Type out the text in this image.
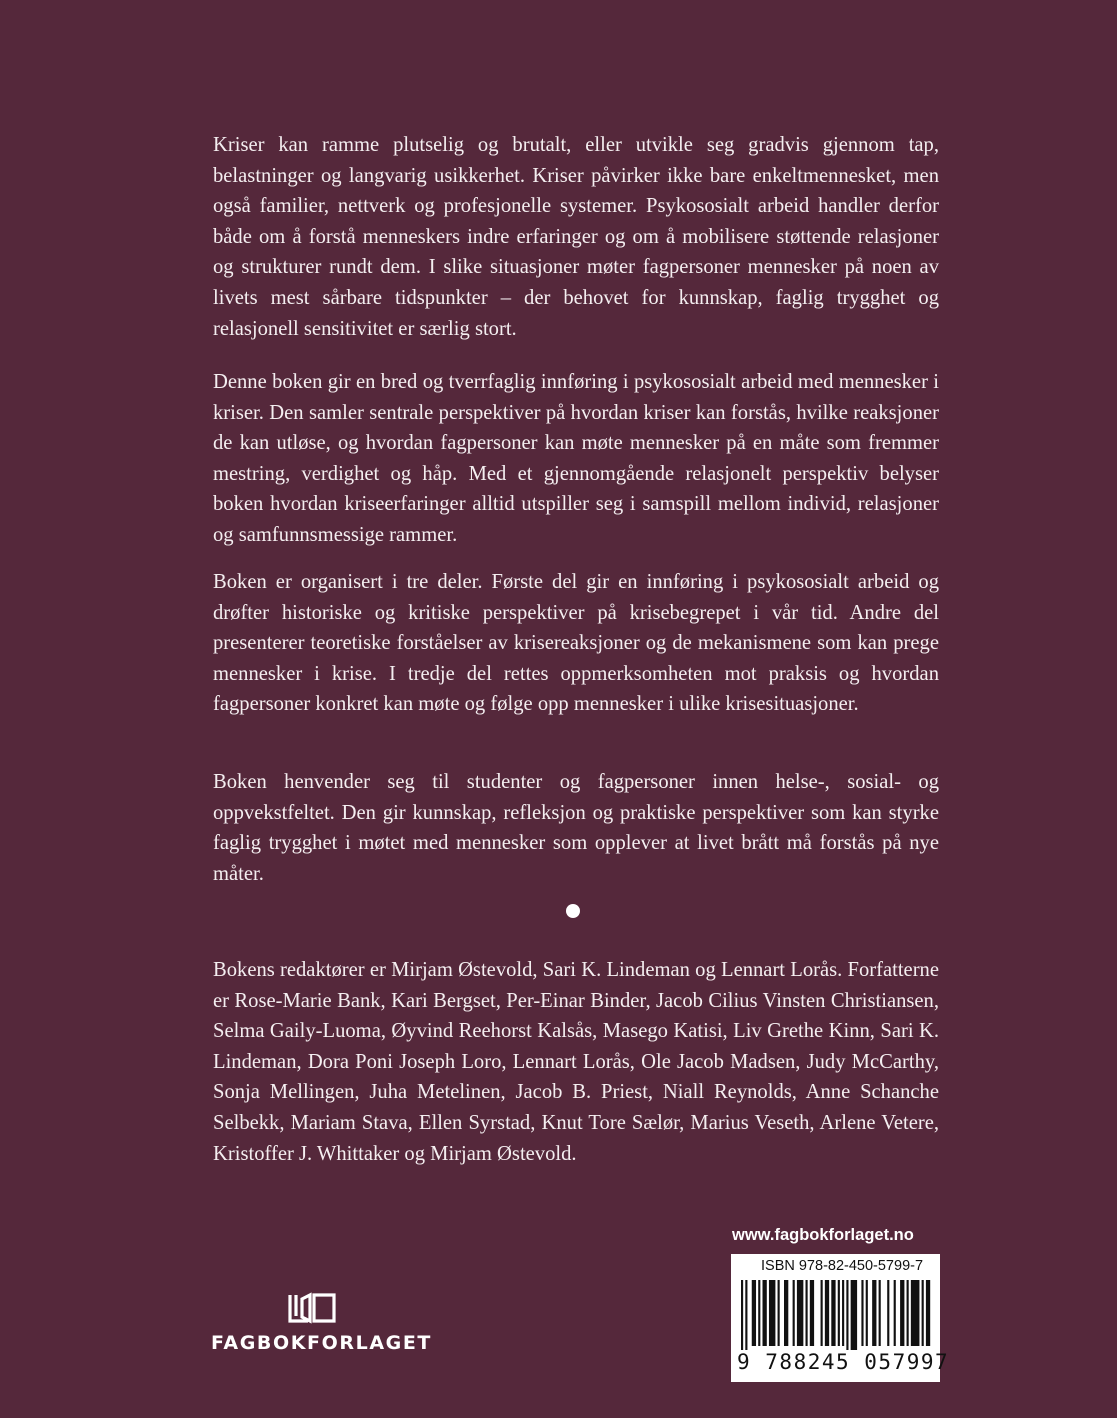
Kriser kan ramme plutselig og brutalt, eller utvikle seg gradvis gjennom tap, belastninger og langvarig usikkerhet. Kriser påvirker ikke bare enkeltmennesket, men også familier, nettverk og profesjonelle systemer. Psykososialt arbeid handler derfor både om å forstå menneskers indre erfaringer og om å mobilisere støttende relasjoner og strukturer rundt dem. I slike situasjoner møter fagpersoner mennesker på noen av livets mest sårbare tidspunkter – der behovet for kunnskap, faglig trygghet og relasjonell sensitivitet er særlig stort.

Denne boken gir en bred og tverrfaglig innføring i psykososialt arbeid med mennesker i kriser. Den samler sentrale perspektiver på hvordan kriser kan forstås, hvilke reaksjoner de kan utløse, og hvordan fagpersoner kan møte mennesker på en måte som fremmer mestring, verdighet og håp. Med et gjennomgående relasjonelt perspektiv belyser boken hvordan kriseerfaringer alltid utspiller seg i samspill mellom individ, relasjoner og samfunnsmessige rammer.

Boken er organisert i tre deler. Første del gir en innføring i psykososialt arbeid og drøfter historiske og kritiske perspektiver på krisebegrepet i vår tid. Andre del presenterer teoretiske forståelser av krisereaksjoner og de mekanismene som kan prege mennesker i krise. I tredje del rettes oppmerksomheten mot praksis og hvordan fagpersoner konkret kan møte og følge opp mennesker i ulike krisesituasjoner.

Boken henvender seg til studenter og fagpersoner innen helse-, sosial- og oppvekstfeltet. Den gir kunnskap, refleksjon og praktiske perspektiver som kan styrke faglig trygghet i møtet med mennesker som opplever at livet brått må forstås på nye måter.

Bokens redaktører er Mirjam Østevold, Sari K. Lindeman og Lennart Lorås. Forfatterne er Rose-Marie Bank, Kari Bergset, Per-Einar Binder, Jacob Cilius Vinsten Christiansen, Selma Gaily-Luoma, Øyvind Reehorst Kalsås, Masego Katisi, Liv Grethe Kinn, Sari K. Lindeman, Dora Poni Joseph Loro, Lennart Lorås, Ole Jacob Madsen, Judy McCarthy, Sonja Mellingen, Juha Metelinen, Jacob B. Priest, Niall Reynolds, Anne Schanche Selbekk, Mariam Stava, Ellen Syrstad, Knut Tore Sælør, Marius Veseth, Arlene Vetere, Kristoffer J. Whittaker og Mirjam Østevold.

FAGBOKFORLAGET
www.fagbokforlaget.no
ISBN 978-82-450-5799-7
9 788245 057997
